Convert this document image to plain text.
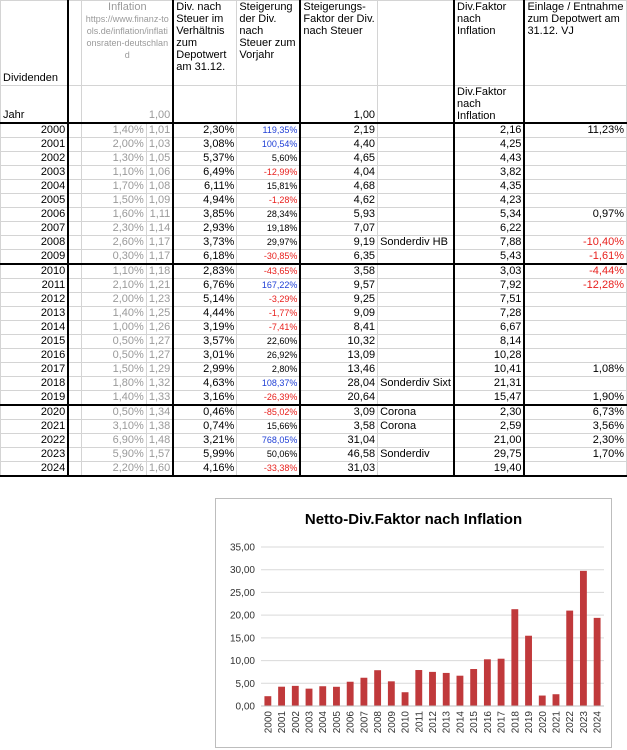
Dividenden		Inflation
https://www.finanz-tools.de/inflation/inflationsraten-deutschland		Div. nach Steuer im Verhältnis zum Depotwert am 31.12.	Steigerung der Div. nach Steuer zum Vorjahr	Steigerungs-Faktor der Div. nach Steuer		Div.Faktor nach Inflation	Einlage / Entnahme zum Depotwert am 31.12. VJ
Jahr		1,00				1,00		Div.Faktor nach Inflation	
2000		1,40%	1,01	2,30%	119,35%	2,19		2,16	11,23%
2001		2,00%	1,03	3,08%	100,54%	4,40		4,25	
2002		1,30%	1,05	5,37%	5,60%	4,65		4,43	
2003		1,10%	1,06	6,49%	-12,99%	4,04		3,82	
2004		1,70%	1,08	6,11%	15,81%	4,68		4,35	
2005		1,50%	1,09	4,94%	-1,28%	4,62		4,23	
2006		1,60%	1,11	3,85%	28,34%	5,93		5,34	0,97%
2007		2,30%	1,14	2,93%	19,18%	7,07		6,22	
2008		2,60%	1,17	3,73%	29,97%	9,19	Sonderdiv HB	7,88	-10,40%
2009		0,30%	1,17	6,18%	-30,85%	6,35		5,43	-1,61%
2010		1,10%	1,18	2,83%	-43,65%	3,58		3,03	-4,44%
2011		2,10%	1,21	6,76%	167,22%	9,57		7,92	-12,28%
2012		2,00%	1,23	5,14%	-3,29%	9,25		7,51	
2013		1,40%	1,25	4,44%	-1,77%	9,09		7,28	
2014		1,00%	1,26	3,19%	-7,41%	8,41		6,67	
2015		0,50%	1,27	3,57%	22,60%	10,32		8,14	
2016		0,50%	1,27	3,01%	26,92%	13,09		10,28	
2017		1,50%	1,29	2,99%	2,80%	13,46		10,41	1,08%
2018		1,80%	1,32	4,63%	108,37%	28,04	Sonderdiv Sixt	21,31	
2019		1,40%	1,33	3,16%	-26,39%	20,64		15,47	1,90%
2020		0,50%	1,34	0,46%	-85,02%	3,09	Corona	2,30	6,73%
2021		3,10%	1,38	0,74%	15,66%	3,58	Corona	2,59	3,56%
2022		6,90%	1,48	3,21%	768,05%	31,04		21,00	2,30%
2023		5,90%	1,57	5,99%	50,06%	46,58	Sonderdiv	29,75	1,70%
2024		2,20%	1,60	4,16%	-33,38%	31,03		19,40	
Netto-Div.Faktor nach Inflation
0,00
5,00
10,00
15,00
20,00
25,00
30,00
35,00
2000 2001 2002 2003 2004 2005 2006 2007 2008 2009 2010 2011 2012 2013 2014 2015 2016 2017 2018 2019 2020 2021 2022 2023 2024
